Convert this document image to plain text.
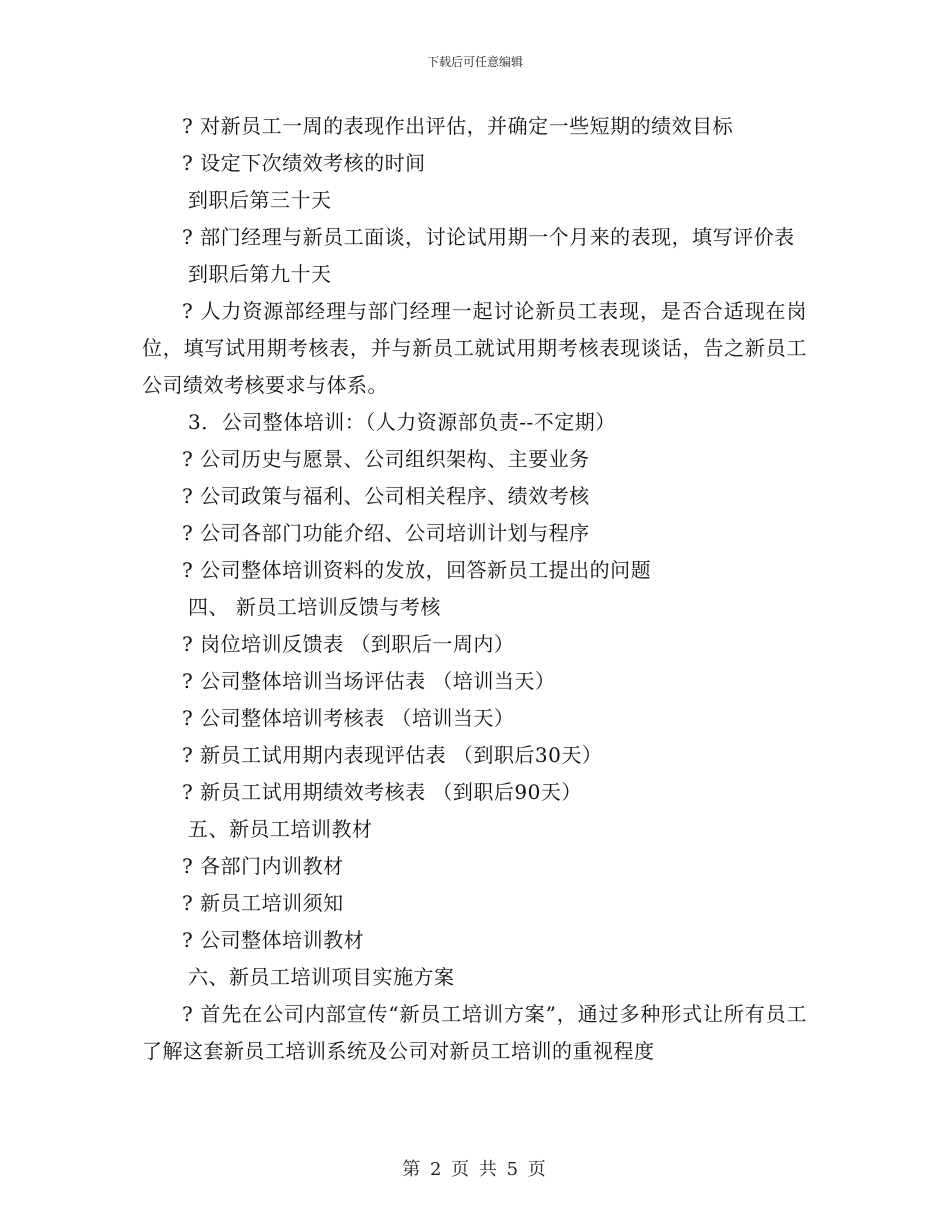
下载后可任意编辑

? 对新员工一周的表现作出评估，并确定一些短期的绩效目标

? 设定下次绩效考核的时间

到职后第三十天

? 部门经理与新员工面谈，讨论试用期一个月来的表现，填写评价表

到职后第九十天

? 人力资源部经理与部门经理一起讨论新员工表现，是否合适现在岗位，填写试用期考核表，并与新员工就试用期考核表现谈话，告之新员工公司绩效考核要求与体系。

3．公司整体培训：（人力资源部负责--不定期）

? 公司历史与愿景、公司组织架构、主要业务

? 公司政策与福利、公司相关程序、绩效考核

? 公司各部门功能介绍、公司培训计划与程序

? 公司整体培训资料的发放，回答新员工提出的问题

四、 新员工培训反馈与考核

? 岗位培训反馈表 （到职后一周内）

? 公司整体培训当场评估表 （培训当天）

? 公司整体培训考核表 （培训当天）

? 新员工试用期内表现评估表 （到职后30天）

? 新员工试用期绩效考核表 （到职后90天）

五、新员工培训教材

? 各部门内训教材

? 新员工培训须知

? 公司整体培训教材

六、新员工培训项目实施方案

? 首先在公司内部宣传“新员工培训方案”，通过多种形式让所有员工了解这套新员工培训系统及公司对新员工培训的重视程度

第 2 页 共 5 页
